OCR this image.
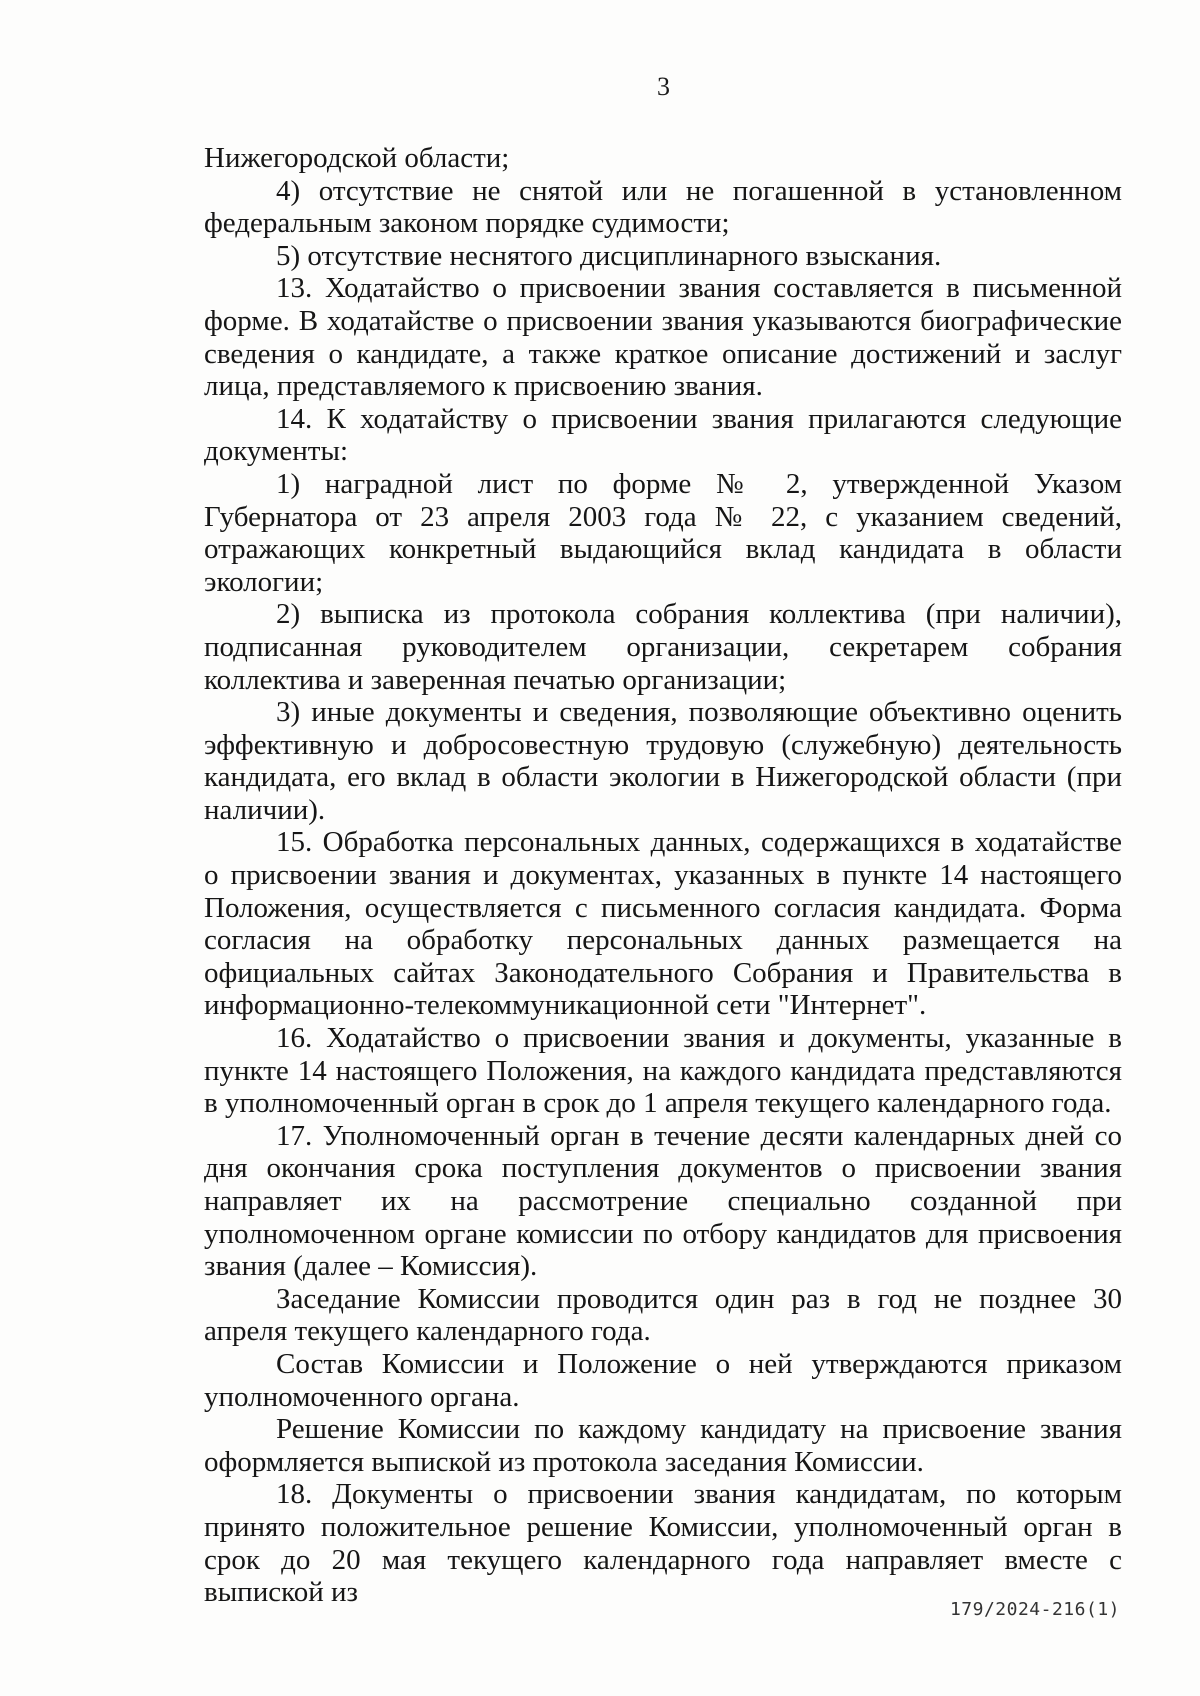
3

Нижегородской области;

4) отсутствие не снятой или не погашенной в установленном федеральным законом порядке судимости;

5) отсутствие неснятого дисциплинарного взыскания.

13. Ходатайство о присвоении звания составляется в письменной форме. В ходатайстве о присвоении звания указываются биографические сведения о кандидате, а также краткое описание достижений и заслуг лица, представляемого к присвоению звания.

14. К ходатайству о присвоении звания прилагаются следующие документы:

1) наградной лист по форме № 2, утвержденной Указом Губернатора от 23 апреля 2003 года № 22, с указанием сведений, отражающих конкретный выдающийся вклад кандидата в области экологии;

2) выписка из протокола собрания коллектива (при наличии), подписанная руководителем организации, секретарем собрания коллектива и заверенная печатью организации;

3) иные документы и сведения, позволяющие объективно оценить эффективную и добросовестную трудовую (служебную) деятельность кандидата, его вклад в области экологии в Нижегородской области (при наличии).

15. Обработка персональных данных, содержащихся в ходатайстве о присвоении звания и документах, указанных в пункте 14 настоящего Положения, осуществляется с письменного согласия кандидата. Форма согласия на обработку персональных данных размещается на официальных сайтах Законодательного Собрания и Правительства в информационно-телекоммуникационной сети "Интернет".

16. Ходатайство о присвоении звания и документы, указанные в пункте 14 настоящего Положения, на каждого кандидата представляются в уполномоченный орган в срок до 1 апреля текущего календарного года.

17. Уполномоченный орган в течение десяти календарных дней со дня окончания срока поступления документов о присвоении звания направляет их на рассмотрение специально созданной при уполномоченном органе комиссии по отбору кандидатов для присвоения звания (далее – Комиссия).

Заседание Комиссии проводится один раз в год не позднее 30 апреля текущего календарного года.

Состав Комиссии и Положение о ней утверждаются приказом уполномоченного органа.

Решение Комиссии по каждому кандидату на присвоение звания оформляется выпиской из протокола заседания Комиссии.

18. Документы о присвоении звания кандидатам, по которым принято положительное решение Комиссии, уполномоченный орган в срок до 20 мая текущего календарного года направляет вместе с выпиской из

179/2024-216(1)
